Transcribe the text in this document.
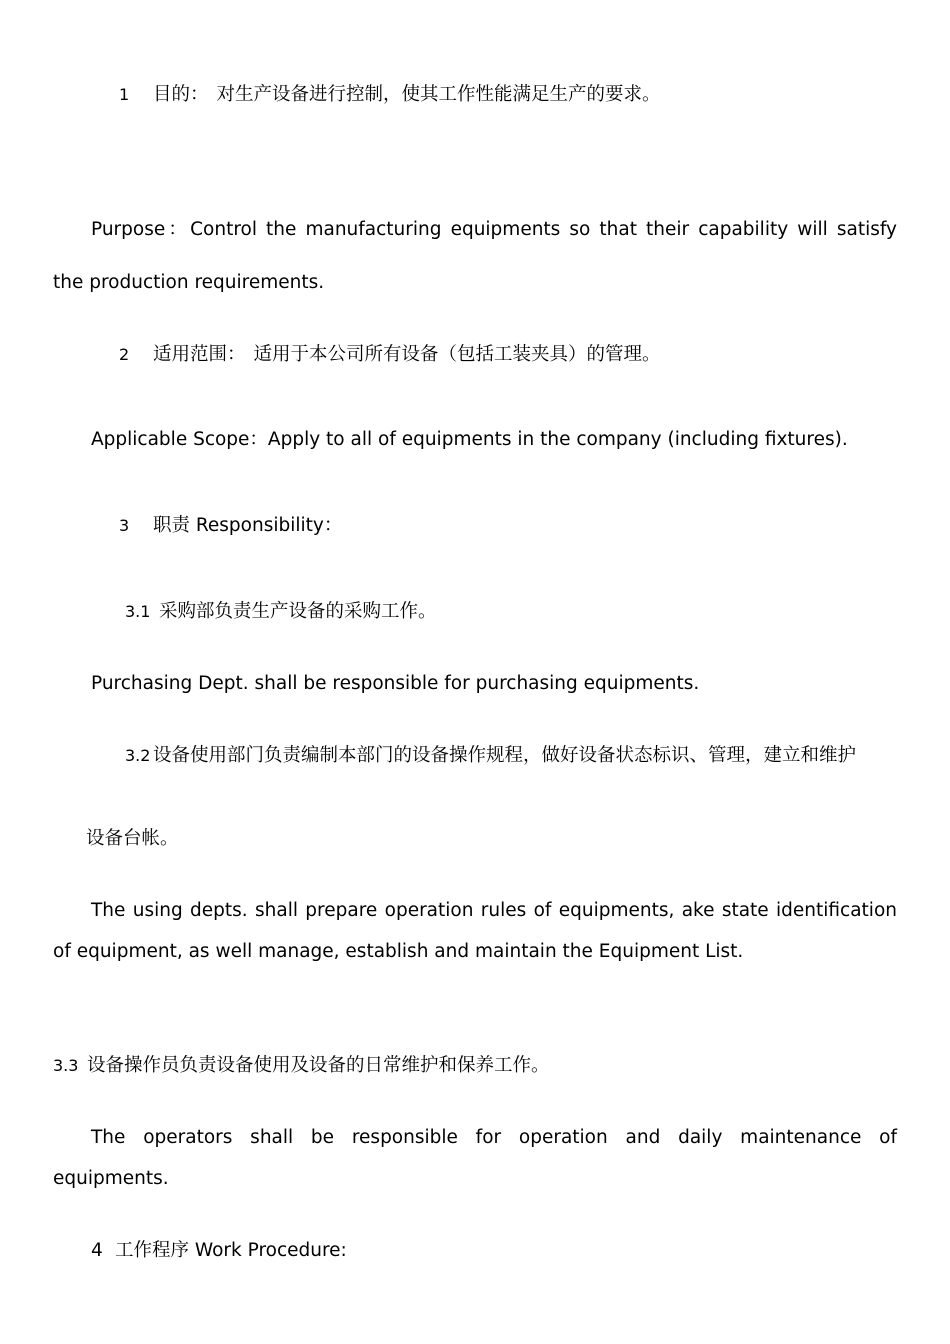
1 目的： 对生产设备进行控制，使其工作性能满足生产的要求。
Purpose：Control the manufacturing equipments so that their capability will satisfy the production requirements.
2 适用范围： 适用于本公司所有设备（包括工装夹具）的管理。
Applicable Scope：Apply to all of equipments in the company (including fixtures).
3 职责 Responsibility：
3.1 采购部负责生产设备的采购工作。
Purchasing Dept. shall be responsible for purchasing equipments.
3.2 设备使用部门负责编制本部门的设备操作规程，做好设备状态标识、管理，建立和维护
设备台帐。
The using depts. shall prepare operation rules of equipments, ake state identification of equipment, as well manage, establish and maintain the Equipment List.
3.3 设备操作员负责设备使用及设备的日常维护和保养工作。
The operators shall be responsible for operation and daily maintenance of equipments.
4 工作程序 Work Procedure:
